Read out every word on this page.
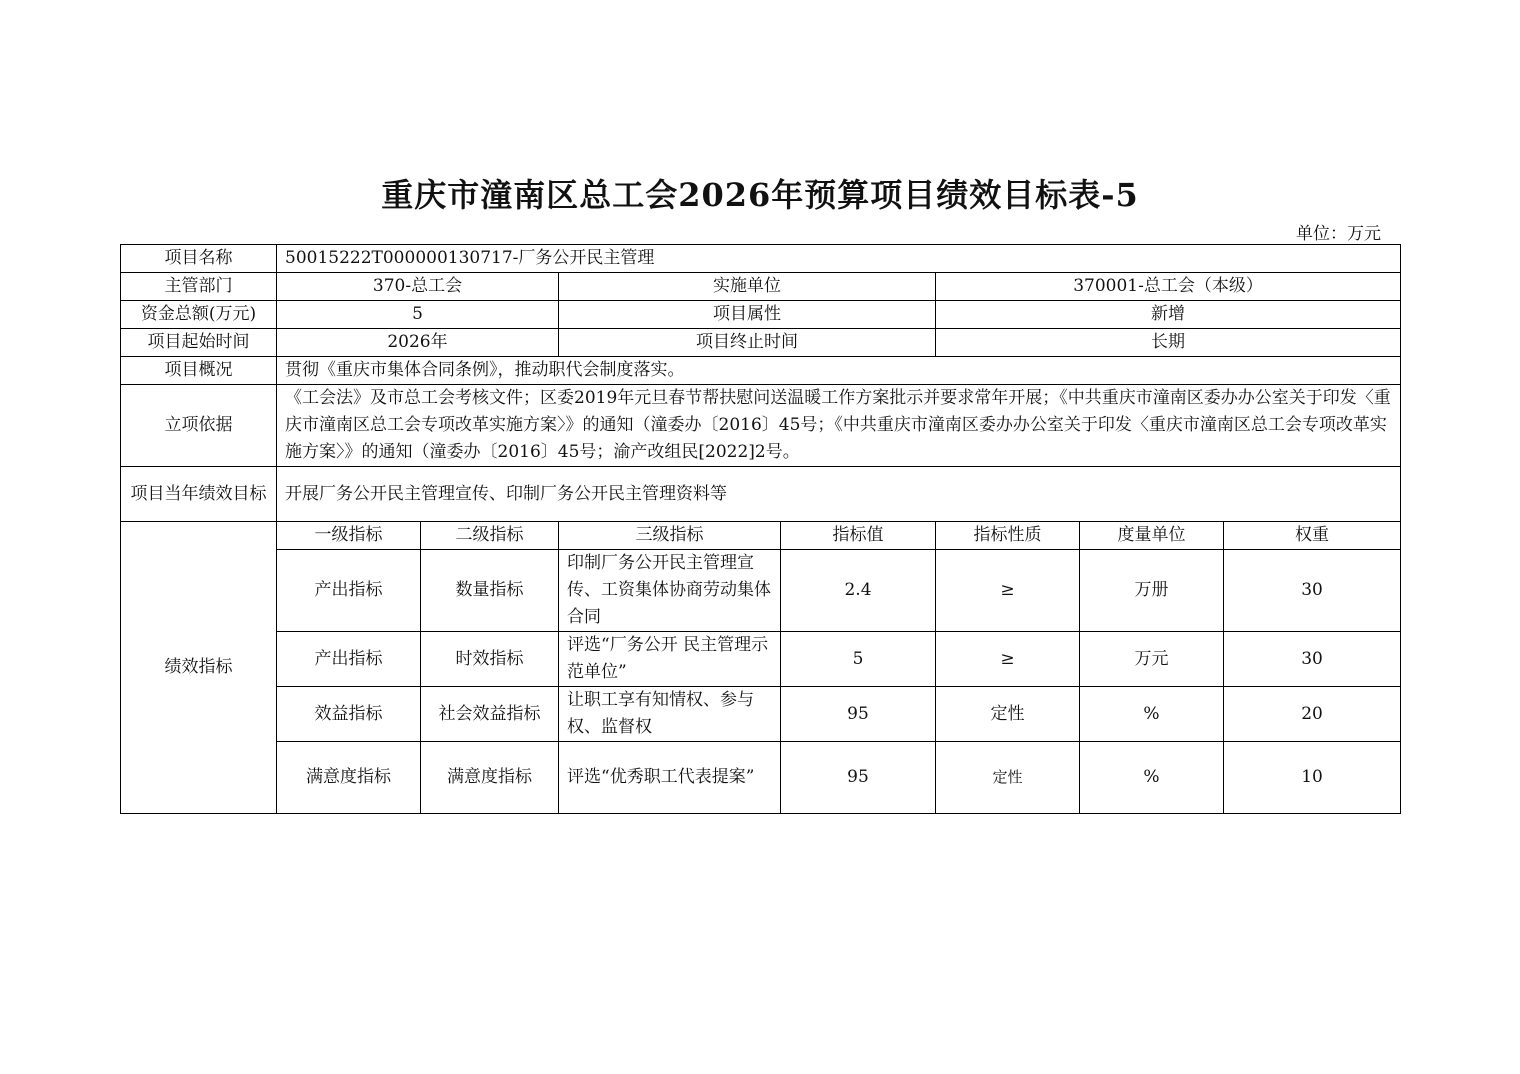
重庆市潼南区总工会2026年预算项目绩效目标表-5
单位：万元
项目名称	50015222T000000130717-厂务公开民主管理						
主管部门	370-总工会		实施单位		370001-总工会（本级）		
资金总额(万元)	5		项目属性		新增		
项目起始时间	2026年		项目终止时间		长期		
项目概况	贯彻《重庆市集体合同条例》，推动职代会制度落实。						
立项依据	《工会法》及市总工会考核文件；区委2019年元旦春节帮扶慰问送温暖工作方案批示并要求常年开展；《中共重庆市潼南区委办办公室关于印发〈重庆市潼南区总工会专项改革实施方案〉》的通知（潼委办〔2016〕45号；《中共重庆市潼南区委办办公室关于印发〈重庆市潼南区总工会专项改革实施方案〉》的通知（潼委办〔2016〕45号；渝产改组民[2022]2号。						
项目当年绩效目标	开展厂务公开民主管理宣传、印制厂务公开民主管理资料等						
绩效指标	一级指标	二级指标	三级指标	指标值	指标性质	度量单位	权重
	产出指标	数量指标	印制厂务公开民主管理宣传、工资集体协商劳动集体合同	2.4	≥	万册	30
	产出指标	时效指标	评选“厂务公开 民主管理示范单位”	5	≥	万元	30
	效益指标	社会效益指标	让职工享有知情权、参与权、监督权	95	定性	%	20
	满意度指标	满意度指标	评选“优秀职工代表提案”	95	定性	%	10
